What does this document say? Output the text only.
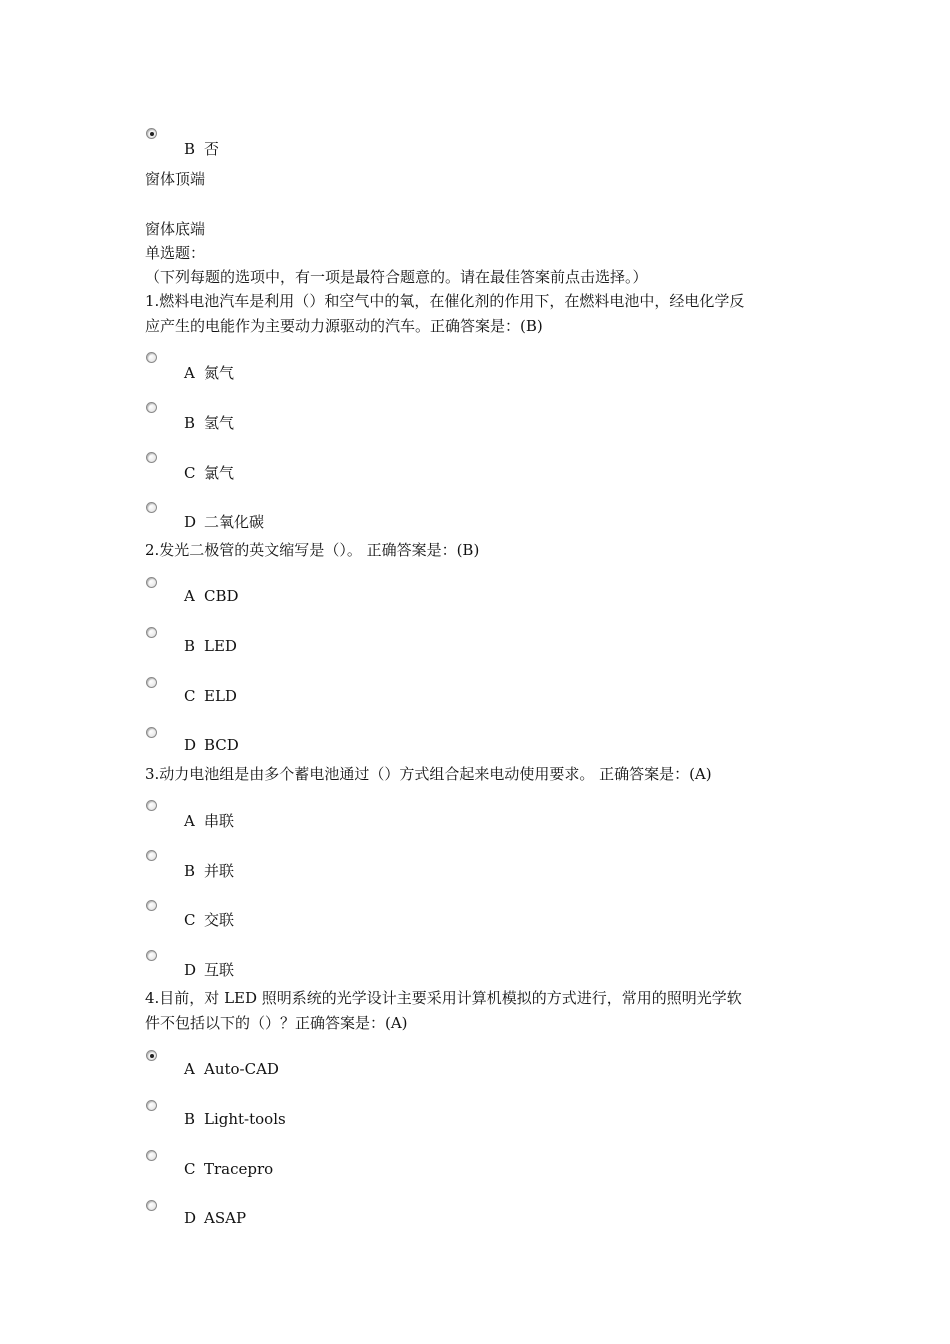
B 否
窗体顶端
窗体底端
单选题：
（下列每题的选项中，有一项是最符合题意的。请在最佳答案前点击选择。）
1.燃料电池汽车是利用（）和空气中的氧，在催化剂的作用下，在燃料电池中，经电化学反
应产生的电能作为主要动力源驱动的汽车。正确答案是：(B)
A 氮气
B 氢气
C 氯气
D 二氧化碳
2.发光二极管的英文缩写是（）。 正确答案是：(B)
A CBD
B LED
C ELD
D BCD
3.动力电池组是由多个蓄电池通过（）方式组合起来电动使用要求。 正确答案是：(A)
A 串联
B 并联
C 交联
D 互联
4.目前，对 LED 照明系统的光学设计主要采用计算机模拟的方式进行，常用的照明光学软
件不包括以下的（）？正确答案是：(A)
A Auto-CAD
B Light-tools
C Tracepro
D ASAP
